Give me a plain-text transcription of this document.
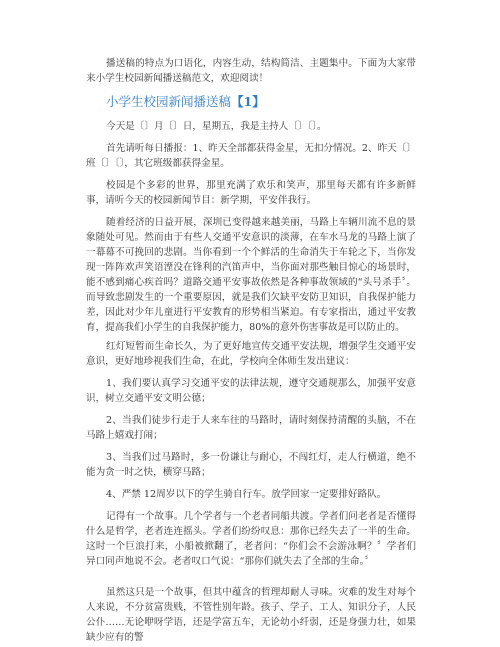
播送稿的特点为口语化，内容生动，结构简洁、主题集中。下面为大家带来小学生校园新闻播送稿范文，欢迎阅读！

小学生校园新闻播送稿【1】

今天是〔〕月〔〕日，星期五，我是主持人〔〕〔〕。

首先请听每日播报：1、昨天全部都获得金星，无扣分情况。2、昨天〔〕班〔〕〔〕，其它班级都获得金星。

校园是个多彩的世界，那里充满了欢乐和笑声，那里每天都有许多新鲜事，请听今天的校园新闻节目：新学期，平安伴我行。

随着经济的日益开展，深圳已变得越来越美丽，马路上车辆川流不息的景象随处可见。然而由于有些人交通平安意识的淡薄，在车水马龙的马路上演了一幕幕不可挽回的悲剧。当你看到一个个鲜活的生命消失于车轮之下，当你发现一阵阵欢声笑语湮没在锋利的汽笛声中，当你面对那些触目惊心的场景时，能不感到痛心疾首吗？道路交通平安事故依然是各种事故领域的“头号杀手〞。而导致悲剧发生的一个重要原因，就是我们欠缺平安防卫知识，自我保护能力差，因此对少年儿童进行平安教育的形势相当紧迫。有专家指出，通过平安教育，提高我们小学生的自我保护能力，80%的意外伤害事故是可以防止的。

红灯短暂而生命长久，为了更好地宣传交通平安法规，增强学生交通平安意识，更好地珍视我们生命，在此，学校向全体师生发出建议：

1、我们要认真学习交通平安的法律法规，遵守交通规那么，加强平安意识，树立交通平安文明公德；

2、当我们徒步行走于人来车往的马路时，请时刻保持清醒的头脑，不在马路上嬉戏打闹；

3、当我们过马路时，多一份谦让与耐心，不闯红灯，走人行横道，绝不能为贪一时之快，横穿马路；

4、严禁 12周岁以下的学生骑自行车。放学回家一定要排好路队。

记得有一个故事。几个学者与一个老者同船共渡。学者们问老者是否懂得什么是哲学，老者连连摇头。学者们纷纷叹息：那你已经失去了一半的生命。这时一个巨浪打来，小船被掀翻了，老者问：“你们会不会游泳啊？〞学者们异口同声地说不会。老者叹口气说：“那你们就失去了全部的生命。〞

虽然这只是一个故事，但其中蕴含的哲理却耐人寻味。灾难的发生对每个人来说，不分贫富贵贱，不管性别年龄。孩子、学子、工人、知识分子，人民公仆……无论咿呀学语，还是学富五车，无论幼小纤弱，还是身强力壮，如果缺少应有的警
